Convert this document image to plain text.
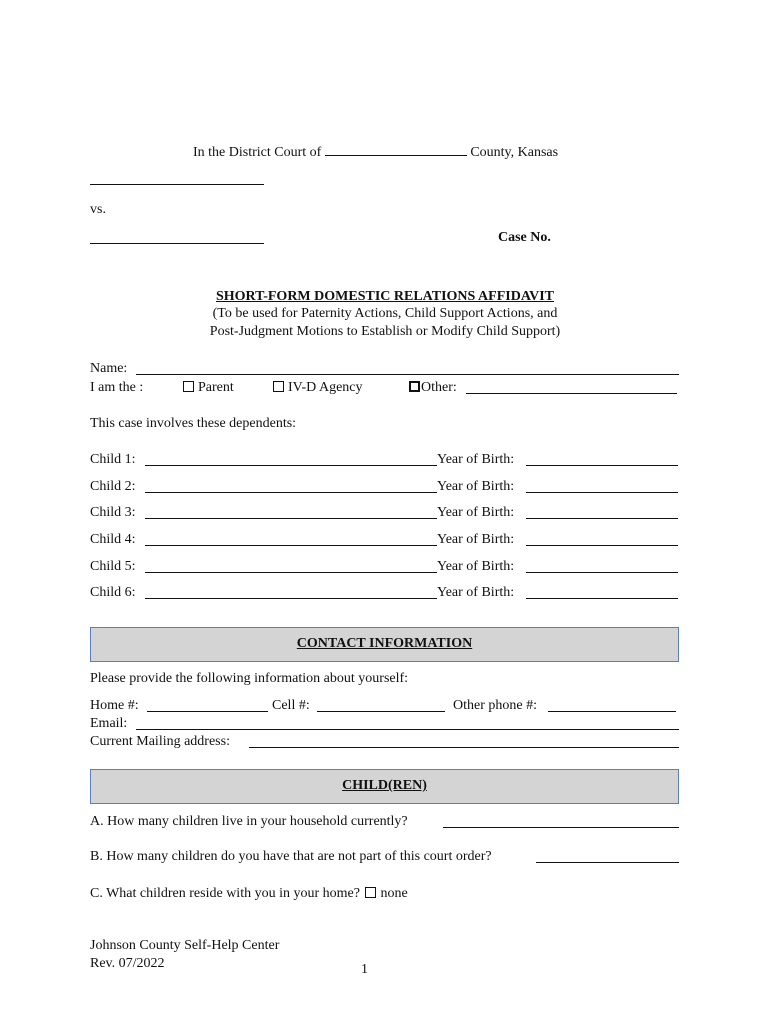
In the District Court of	County, Kansas
vs.
Case No.
SHORT-FORM DOMESTIC RELATIONS AFFIDAVIT
(To be used for Paternity Actions, Child Support Actions, and
Post-Judgment Motions to Establish or Modify Child Support)
Name:
I am the :	Parent	IV-D Agency	Other:
This case involves these dependents:
Child 1:	Year of Birth:
Child 2:	Year of Birth:
Child 3:	Year of Birth:
Child 4:	Year of Birth:
Child 5:	Year of Birth:
Child 6:	Year of Birth:
CONTACT INFORMATION
Please provide the following information about yourself:
Home #:	Cell #:	Other phone #:
Email:
Current Mailing address:
CHILD(REN)
A. How many children live in your household currently?
B. How many children do you have that are not part of this court order?
C. What children reside with you in your home? none
Johnson County Self-Help Center
Rev. 07/2022	1
